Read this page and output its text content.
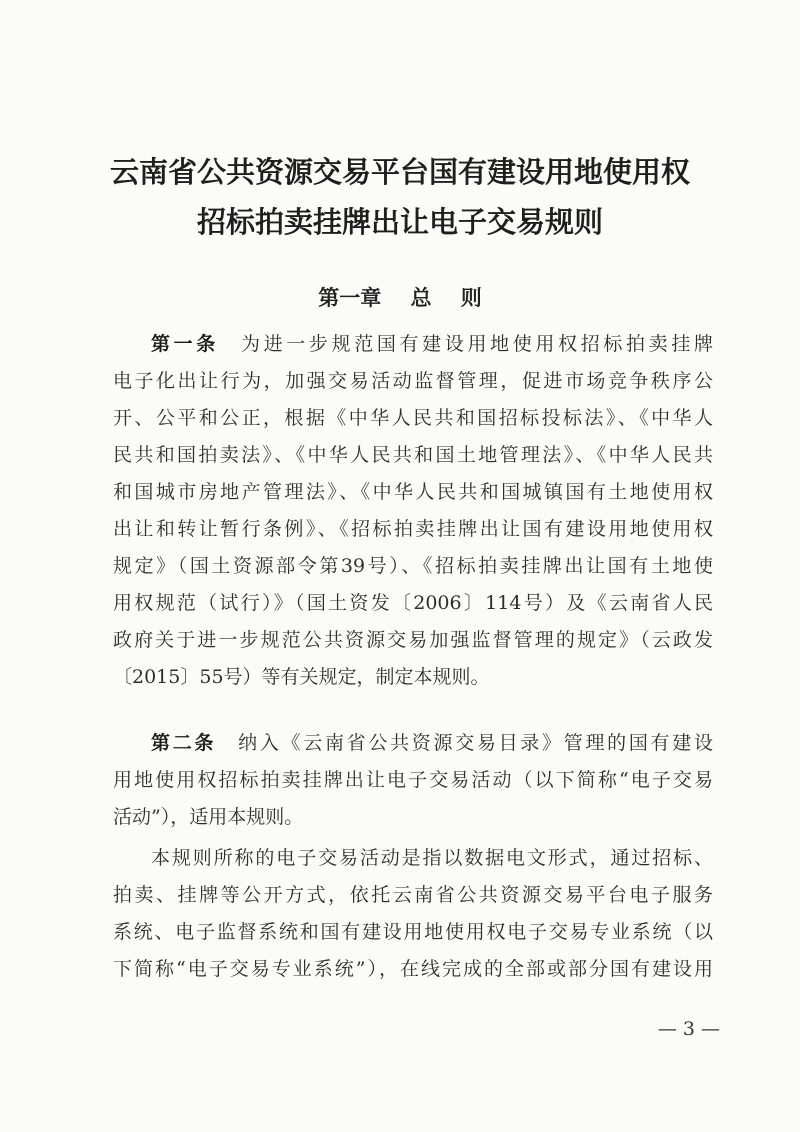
云南省公共资源交易平台国有建设用地使用权
招标拍卖挂牌出让电子交易规则
第一章    总    则
第一条 为进一步规范国有建设用地使用权招标拍卖挂牌
电子化出让行为，加强交易活动监督管理，促进市场竞争秩序公
开、公平和公正，根据《中华人民共和国招标投标法》、《中华人
民共和国拍卖法》、《中华人民共和国土地管理法》、《中华人民共
和国城市房地产管理法》、《中华人民共和国城镇国有土地使用权
出让和转让暂行条例》、《招标拍卖挂牌出让国有建设用地使用权
规定》（国土资源部令第39号）、《招标拍卖挂牌出让国有土地使
用权规范（试行）》（国土资发〔2006〕114号）及《云南省人民
政府关于进一步规范公共资源交易加强监督管理的规定》（云政发
〔2015〕55号）等有关规定，制定本规则。
第二条 纳入《云南省公共资源交易目录》管理的国有建设
用地使用权招标拍卖挂牌出让电子交易活动（以下简称“电子交易
活动”），适用本规则。
本规则所称的电子交易活动是指以数据电文形式，通过招标、
拍卖、挂牌等公开方式，依托云南省公共资源交易平台电子服务
系统、电子监督系统和国有建设用地使用权电子交易专业系统（以
下简称“电子交易专业系统”），在线完成的全部或部分国有建设用
— 3 —
